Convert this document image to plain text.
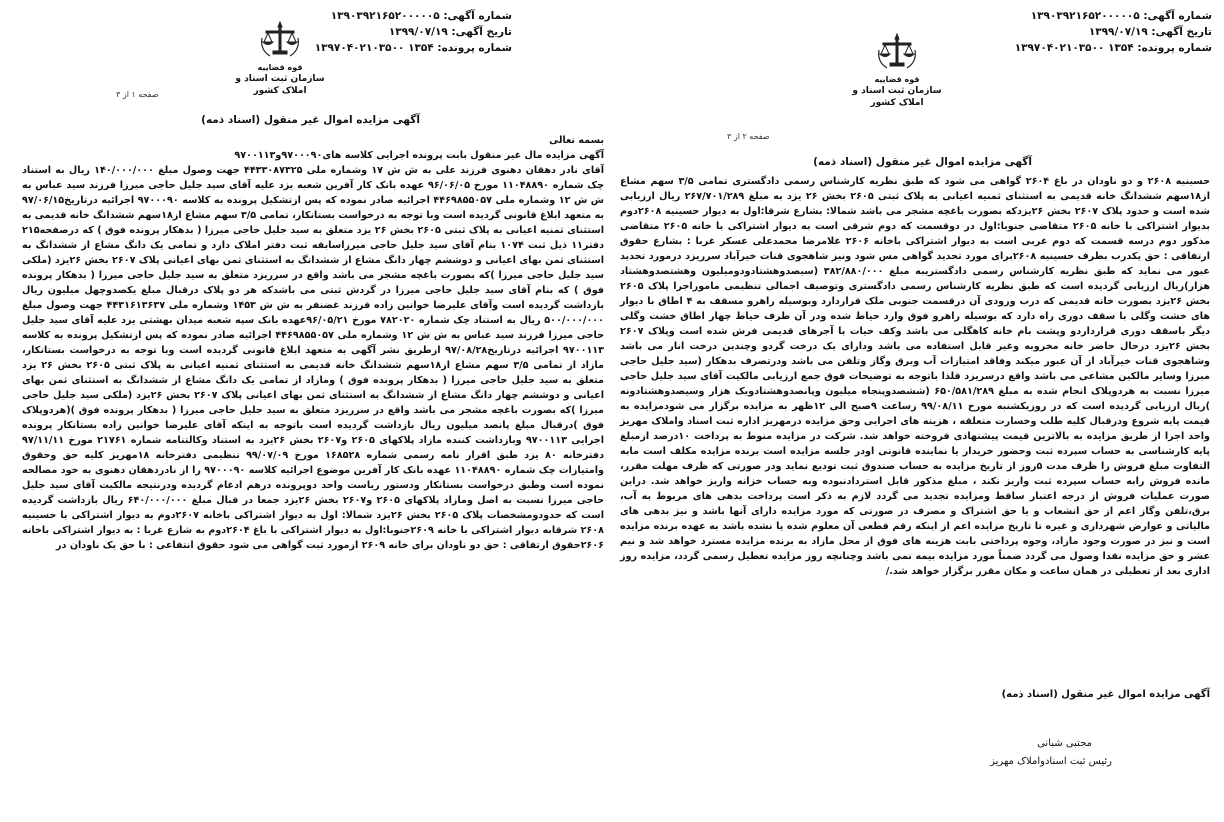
شماره آگهی: ۱۳۹۰۳۹۲۱۶۵۲۰۰۰۰۰۵
تاریخ آگهی: ۱۳۹۹/۰۷/۱۹
شماره پرونده: ۱۳۵۴ ۱۳۹۷۰۴۰۲۱۰۳۵۰۰
قوه قضاییه
سازمان ثبت اسناد و املاک کشور
صفحه ۱ از ۳
آگهی مزایده اموال غیر منقول (اسناد ذمه)

بسمه تعالی

آگهی مزایده مال غیر منقول بابت پرونده اجرایی کلاسه های۹۷۰۰۰۹۰و۹۷۰۰۱۱۳

آقای نادر دهقان دهنوی فرزند علی به ش ش ۱۷ وشماره ملی ۴۴۳۳۰۸۷۳۲۵ جهت وصول مبلغ ۱۴۰/۰۰۰/۰۰۰ ریال به استناد چک شماره ۱۱۰۴۸۸۹۰ مورخ ۹۶/۰۶/۰۵ عهده بانک کار آفرین شعبه یزد علیه آقای سید جلیل حاجی میرزا فرزند سید عباس به ش ش ۱۲ وشماره ملی ۴۴۶۹۸۵۵۰۵۷ اجرائیه صادر نموده که پس ازتشکیل پرونده به کلاسه ۹۷۰۰۰۹۰ اجرائیه درتاریخ۹۷/۰۶/۱۵ به متعهد ابلاغ قانونی گردیده است وبا توجه به درخواست بستانکار، تمامی ۳/۵ سهم مشاع از۱۸سهم ششدانگ خانه قدیمی به استثنای ثمنیه اعیانی به پلاک ثبتی ۲۶۰۵ بخش ۲۶ یزد متعلق به سید جلیل حاجی میرزا ( بدهکار پرونده فوق ) که درصفحه۲۱۵ دفتر۱۱ ذیل ثبت ۱۰۷۴ بنام آقای سید جلیل حاجی میرزاسابقه ثبت دفتر املاک دارد و تمامی یک دانگ مشاع از ششدانگ به استثنای ثمن بهای اعیانی و دوششم چهار دانگ مشاع از ششدانگ به استثنای ثمن بهای اعیانی پلاک ۲۶۰۷ بخش ۲۶یزد (ملکی سید جلیل حاجی میرزا )که بصورت باغچه مشجر می باشد واقع در سرریزد متعلق به سید جلیل حاجی میرزا ( بدهکار پرونده فوق ) که بنام آقای سید جلیل حاجی میرزا در گردش ثبتی می باشدکه هر دو پلاک درقبال مبلغ یکصدوچهل میلیون ریال بازداشت گردیده است وآقای علیرضا خوانین زاده فرزند غضنفر به ش ش ۱۴۵۳ وشماره ملی ۴۴۳۱۶۱۳۶۳۷ جهت وصول مبلغ ۵۰۰/۰۰۰/۰۰۰ ریال به استناد چک شماره ۷۸۲۰۲۰ مورخ ۹۶/۰۵/۲۱عهده بانک سپه شعبه میدان بهشتی یزد علیه آقای سید جلیل حاجی میرزا فرزند سید عباس به ش ش ۱۲ وشماره ملی ۴۴۶۹۸۵۵۰۵۷ اجرائیه صادر نموده که پس ازتشکیل پرونده به کلاسه ۹۷۰۰۱۱۳ اجرائیه درتاریخ۹۷/۰۸/۲۸ ازطریق نشر آگهی به متعهد ابلاغ قانونی گردیده است وبا توجه به درخواست بستانکار، مازاد از تمامی ۳/۵ سهم مشاع از۱۸سهم ششدانگ خانه قدیمی به استثنای ثمنیه اعیانی به پلاک ثبتی ۲۶۰۵ بخش ۲۶ یزد متعلق به سید جلیل حاجی میرزا ( بدهکار پرونده فوق ) ومازاد از تمامی یک دانگ مشاع از ششدانگ به استثنای ثمن بهای اعیانی و دوششم چهار دانگ مشاع از ششدانگ به استثنای ثمن بهای اعیانی پلاک ۲۶۰۷ بخش ۲۶یزد (ملکی سید جلیل حاجی میرزا )که بصورت باغچه مشجر می باشد واقع در سرریزد متعلق به سید جلیل حاجی میرزا ( بدهکار پرونده فوق )(هردوپلاک فوق )درقبال مبلغ پانصد میلیون ریال بازداشت گردیده است باتوجه به اینکه آقای علیرضا خوانین زاده بستانکار پرونده اجرایی ۹۷۰۰۱۱۳ وبازداشت کننده مازاد پلاکهای ۲۶۰۵ و۲۶۰۷ بخش ۲۶یزد به استناد وکالتنامه شماره ۲۱۷۶۱ مورخ ۹۷/۱۱/۱۱ دفترخانه ۸۰ یزد طبق اقرار نامه رسمی شماره ۱۶۸۵۲۸ مورخ ۹۹/۰۷/۰۹ تنظیمی دفترخانه ۱۸مهریز کلیه حق وحقوق وامتیازات چک شماره ۱۱۰۴۸۸۹۰ عهده بانک کار آفرین موضوع اجرائیه کلاسه ۹۷۰۰۰۹۰ را از نادردهقان دهنوی به خود مصالحه نموده است وطبق درخواست بستانکار ودستور ریاست واحد دوپرونده درهم ادغام گردیده ودرنتیجه مالکیت آقای سید جلیل حاجی میرزا نسبت به اصل ومازاد پلاکهای ۲۶۰۵ و۲۶۰۷ بخش ۲۶یزد جمعا در قبال مبلغ ۶۴۰/۰۰۰/۰۰۰ ریال بازداشت گردیده است که حدودومشخصات پلاک ۲۶۰۵ بخش ۲۶یزد شمالا: اول به دیوار اشتراکی باخانه ۲۶۰۷دوم به دیوار اشتراکی با حسینیه ۲۶۰۸ شرقابه دیوار اشتراکی با خانه ۲۶۰۹جنوبا:اول به دیوار اشتراکی با باغ ۲۶۰۴دوم به شارع غربا : به دیوار اشتراکی باخانه ۲۶۰۶حقوق ارتفاقی : حق دو ناودان برای خانه ۲۶۰۹ ازمورد ثبت گواهی می شود حقوق انتفاعی : با حق یک ناودان در

شماره آگهی: ۱۳۹۰۳۹۲۱۶۵۲۰۰۰۰۰۵
تاریخ آگهی: ۱۳۹۹/۰۷/۱۹
شماره پرونده: ۱۳۵۴ ۱۳۹۷۰۴۰۲۱۰۳۵۰۰
قوه قضاییه
سازمان ثبت اسناد و املاک کشور
صفحه ۲ از ۳
آگهی مزایده اموال غیر منقول (اسناد ذمه)

حسینیه ۲۶۰۸ و دو ناودان در باغ ۲۶۰۴ گواهی می شود که طبق نظریه کارشناس رسمی دادگستری تمامی ۳/۵ سهم مشاع از۱۸سهم ششدانگ خانه قدیمی به استثنای ثمنیه اعیانی به پلاک ثبتی ۲۶۰۵ بخش ۲۶ یزد به مبلغ ۲۶۷/۷۰۱/۲۸۹ ریال ارزیابی شده است و حدود پلاک ۲۶۰۷ بخش ۲۶یزدکه بصورت باغچه مشجر می باشد شمالا: بشارع شرقا:اول به دیوار حسینیه ۲۶۰۸دوم بدیوار اشتراکی با خانه ۲۶۰۵ متقاضی جنوبا:اول در دوقسمت که دوم شرقی است به دیوار اشتراکی با خانه ۲۶۰۵ متقاضی مذکور دوم درسه قسمت که دوم غربی است به دیوار اشتراکی باخانه ۲۶۰۶ غلامرضا محمدعلی عسکر غربا : بشارع حقوق ارتفاقی : حق یکدرب بطرف حسینیه ۲۶۰۸برای مورد تحدید گواهی مس شود ونیز شاهجوی قنات خیرآباد سرریزد درمورد تحدید عبور می نماید که طبق نظریه کارشناس رسمی دادگستریبه مبلغ ۳۸۲/۸۸۰/۰۰۰ (سیصدوهشتادودومیلیون وهشتصدوهشتاد هزار)ریال ارزیابی گردیده است که طبق نظریه کارشناس رسمی دادگستری وتوصیف اجمالی تنظیمی ماموراجرا پلاک ۲۶۰۵ بخش ۲۶یزد بصورت خانه قدیمی که درب ورودی آن درقسمت جنوبی ملک قراردارد وبوسیله راهرو مسقف به ۴ اطاق با دیوار های خشت وگلی با سقف دوری راه دارد که بوسیله راهرو فوق وارد حیاط شده ودر آن طرف حیاط چهار اطاق خشت وگلی دیگر باسقف دوری قرارداردو وپشت بام خانه کاهگلی می باشد وکف حیات با آجرهای قدیمی فرش شده است وپلاک ۲۶۰۷ بخش ۲۶یزد درحال حاضر خانه مخروبه وغیر قابل استفاده می باشد ودارای یک درخت گردو وچندین درخت انار می باشد وشاهجوی قنات خیرآباد از آن عبور میکند وفاقد امتیازات آب وبرق وگاز وتلفن می باشد ودرتصرف بدهکار (سید جلیل حاجی میرزا وسایر مالکین مشاعی می باشد واقع درسریزد قلذا باتوجه به توضیحات فوق جمع ارزیابی مالکیت آقای سید جلیل حاجی میرزا نسبت به هردوپلاک انجام شده به مبلغ ۶۵۰/۵۸۱/۲۸۹ (ششصدوپنجاه میلیون وپانصدوهشتادویک هزار وسیصدوهشتادونه )ریال ارزیابی گردیده است که در روزیکشنبه مورخ ۹۹/۰۸/۱۱ زساعت ۹صبح الی ۱۲ظهر به مزایده برگزار می شودمزایده به قیمت پایه شروع ودرقبال کلیه طلب وخسارت متعلقه ، هزینه های اجرایی وحق مزایده درمهریز اداره ثبت اسناد واملاک مهریز واحد اجرا از طریق مزایده به بالاترین قیمت پیشنهادی فروخته خواهد شد. شرکت در مزایده منوط به پرداخت ۱۰درصد ازمبلغ پایه کارشناسی به حساب سپرده ثبت وحضور خریدار یا نماینده قانونی اودر جلسه مزایده است برنده مزایده مکلف است مابه التفاوت مبلغ فروش را ظرف مدت ۵روز از تاریخ مزایده به حساب صندوق ثبت تودیع نماید ودر صورتی که ظرف مهلت مقرر، مانده فروش رابه حساب سپرده ثبت واریز نکند ، مبلغ مذکور قابل استردادنبوده وبه حساب خزانه واریز خواهد شد. دراین صورت عملیات فروش از درجه اعتبار ساقط ومزایده تجدید می گردد لازم به ذکر است پرداخت بدهی های مربوط به آب، برق،تلفن وگاز اعم از حق انشعاب و یا حق اشتراک و مصرف در صورتی که مورد مزایده دارای آنها باشد و نیز بدهی های مالیاتی و عوارض شهرداری و غیره تا تاریخ مزایده اعم از اینکه رقم قطعی آن معلوم شده یا نشده باشد به عهده برنده مزایده است و نیز در صورت وجود مازاد، وجوه پرداختی بابت هزینه های فوق از محل مازاد به برنده مزایده مسترد خواهد شد و نیم عشر و حق مزایده نقدا وصول می گردد ضمناً مورد مزایده بیمه نمی باشد وچنانچه روز مزایده تعطیل رسمی گردد، مزایده روز اداری بعد از تعطیلی در همان ساعت و مکان مقرر برگزار خواهد شد./

آگهی مزایده اموال غیر منقول (اسناد ذمه)
مجتبی شبانی
رئیس ثبت اسنادواملاک مهریز
